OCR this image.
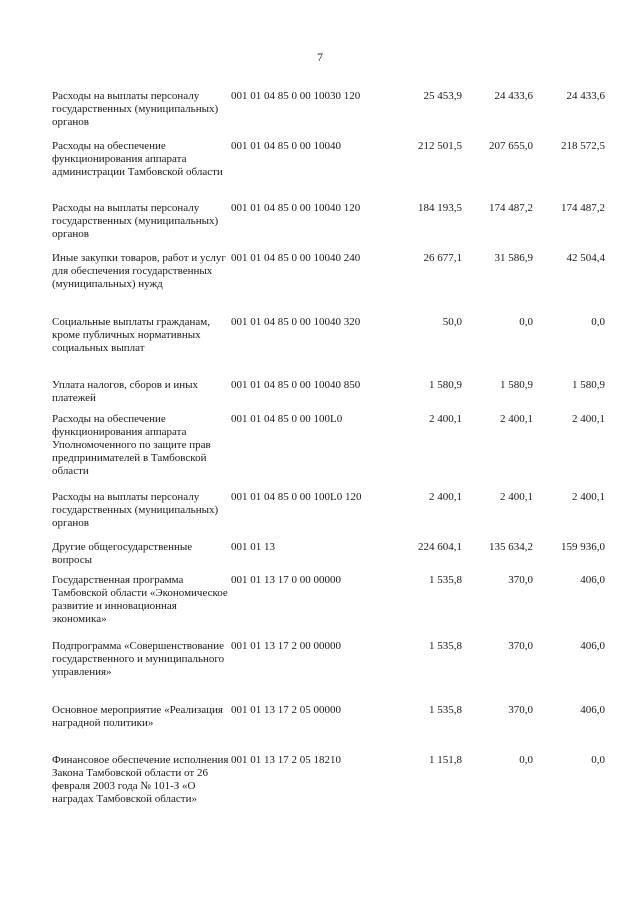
7
Расходы на выплаты персоналу государственных (муниципальных) органов
001 01 04 85 0 00 10030 120	25 453,9	24 433,6	24 433,6
Расходы на обеспечение функционирования аппарата администрации Тамбовской области
001 01 04 85 0 00 10040	212 501,5	207 655,0	218 572,5
Расходы на выплаты персоналу государственных (муниципальных) органов
001 01 04 85 0 00 10040 120	184 193,5	174 487,2	174 487,2
Иные закупки товаров, работ и услуг для обеспечения государственных (муниципальных) нужд
001 01 04 85 0 00 10040 240	26 677,1	31 586,9	42 504,4
Социальные выплаты гражданам, кроме публичных нормативных социальных выплат
001 01 04 85 0 00 10040 320	50,0	0,0	0,0
Уплата налогов, сборов и иных платежей
001 01 04 85 0 00 10040 850	1 580,9	1 580,9	1 580,9
Расходы на обеспечение функционирования аппарата Уполномоченного по защите прав предпринимателей в Тамбовской области
001 01 04 85 0 00 100L0	2 400,1	2 400,1	2 400,1
Расходы на выплаты персоналу государственных (муниципальных) органов
001 01 04 85 0 00 100L0 120	2 400,1	2 400,1	2 400,1
Другие общегосударственные вопросы
001 01 13	224 604,1	135 634,2	159 936,0
Государственная программа Тамбовской области «Экономическое развитие и инновационная экономика»
001 01 13 17 0 00 00000	1 535,8	370,0	406,0
Подпрограмма «Совершенствование государственного и муниципального управления»
001 01 13 17 2 00 00000	1 535,8	370,0	406,0
Основное мероприятие «Реализация наградной политики»
001 01 13 17 2 05 00000	1 535,8	370,0	406,0
Финансовое обеспечение исполнения Закона Тамбовской области от 26 февраля 2003 года № 101-З «О наградах Тамбовской области»
001 01 13 17 2 05 18210	1 151,8	0,0	0,0
